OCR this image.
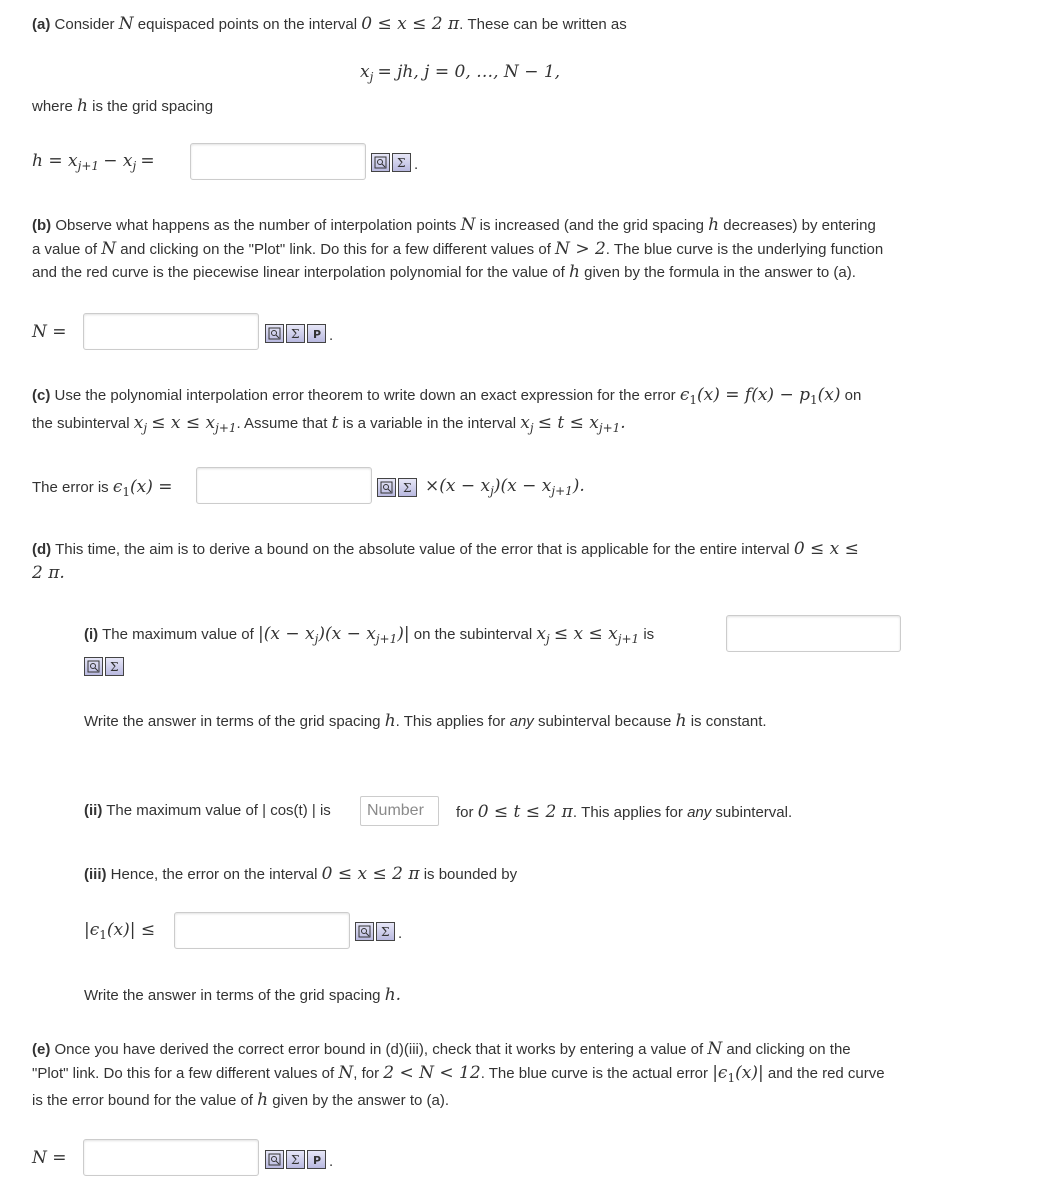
(a) Consider N equispaced points on the interval 0 ≤ x ≤ 2 π. These can be written as
$x_j$ = jh, j = 0, …, N − 1,
where h is the grid spacing
$h = x_{j+1} - x_j$ =	Σ .
(b) Observe what happens as the number of interpolation points N is increased (and the grid spacing h decreases) by entering
a value of N and clicking on the "Plot" link. Do this for a few different values of N > 2. The blue curve is the underlying function
and the red curve is the piecewise linear interpolation polynomial for the value of h given by the formula in the answer to (a).
N =	Σ P .
(c) Use the polynomial interpolation error theorem to write down an exact expression for the error $\epsilon_1(x) = f(x) - p_1(x)$ on
the subinterval $x_j \le x \le x_{j+1}$. Assume that t is a variable in the interval $x_j \le t \le x_{j+1}$.
The error is $\epsilon_1(x)$ =	$\Sigma \times(x - x_j)(x - x_{j+1})$.
(d) This time, the aim is to derive a bound on the absolute value of the error that is applicable for the entire interval 0 ≤ x ≤
2 π.
(i) The maximum value of $|(x - x_j)(x - x_{j+1})|$ on the subinterval $x_j \le x \le x_{j+1}$ is
Σ
Write the answer in terms of the grid spacing h. This applies for any subinterval because h is constant.
(ii) The maximum value of | cos(t) | is	Number	for 0 ≤ t ≤ 2 π. This applies for any subinterval.
(iii) Hence, the error on the interval 0 ≤ x ≤ 2 π is bounded by
$|\epsilon_1(x)|$ ≤	Σ .
Write the answer in terms of the grid spacing h.
(e) Once you have derived the correct error bound in (d)(iii), check that it works by entering a value of N and clicking on the
"Plot" link. Do this for a few different values of N, for 2 < N < 12. The blue curve is the actual error $|\epsilon_1(x)|$ and the red curve
is the error bound for the value of h given by the answer to (a).
N =	Σ P .
